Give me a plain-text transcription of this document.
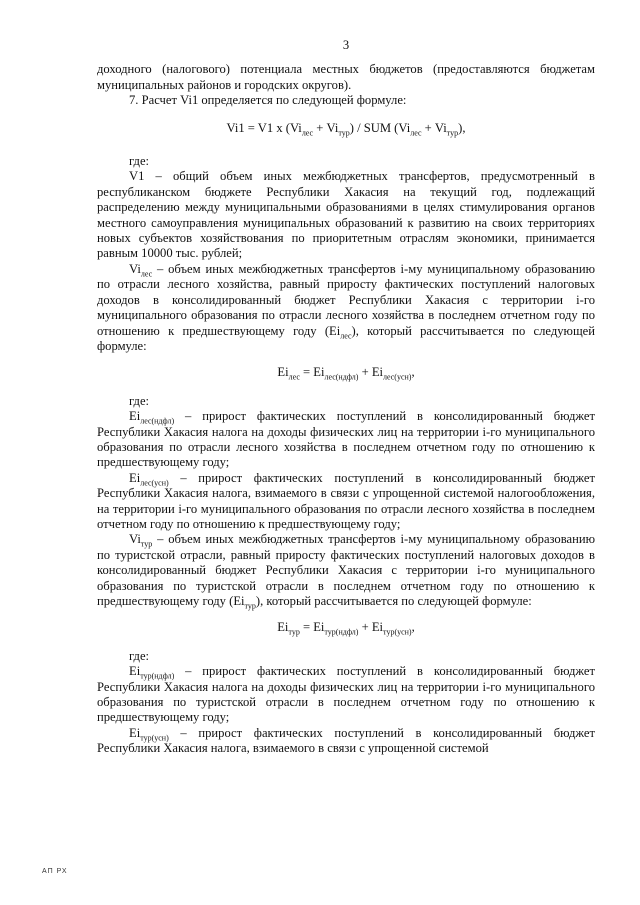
3

доходного (налогового) потенциала местных бюджетов (предоставляются бюджетам муниципальных районов и городских округов).

7. Расчет Vi1 определяется по следующей формуле:

Vi1 = V1 x $(Vi_{лес} + Vi_{тур})$ / SUM $(Vi_{лес} + Vi_{тур})$,

где:

V1 – общий объем иных межбюджетных трансфертов, предусмотренный в республиканском бюджете Республики Хакасия на текущий год, подлежащий распределению между муниципальными образованиями в целях стимулирования органов местного самоуправления муниципальных образований к развитию на своих территориях новых субъектов хозяйствования по приоритетным отраслям экономики, принимается равным 10000 тыс. рублей;

$Vi_{лес}$ – объем иных межбюджетных трансфертов i-му муниципальному образованию по отрасли лесного хозяйства, равный приросту фактических поступлений налоговых доходов в консолидированный бюджет Республики Хакасия с территории i-го муниципального образования по отрасли лесного хозяйства в последнем отчетном году по отношению к предшествующему году $(Ei_{лес})$, который рассчитывается по следующей формуле:

$Ei_{лес} = Ei_{лес(ндфл)} + Ei_{лес(усн)}$,

где:

$Ei_{лес(ндфл)}$ – прирост фактических поступлений в консолидированный бюджет Республики Хакасия налога на доходы физических лиц на территории i-го муниципального образования по отрасли лесного хозяйства в последнем отчетном году по отношению к предшествующему году;

$Ei_{лес(усн)}$ – прирост фактических поступлений в консолидированный бюджет Республики Хакасия налога, взимаемого в связи с упрощенной системой налогообложения, на территории i-го муниципального образования по отрасли лесного хозяйства в последнем отчетном году по отношению к предшествующему году;

$Vi_{тур}$ – объем иных межбюджетных трансфертов i-му муниципальному образованию по туристской отрасли, равный приросту фактических поступлений налоговых доходов в консолидированный бюджет Республики Хакасия с территории i-го муниципального образования по туристской отрасли в последнем отчетном году по отношению к предшествующему году $(Ei_{тур})$, который рассчитывается по следующей формуле:

$Ei_{тур} = Ei_{тур(ндфл)} + Ei_{тур(усн)}$,

где:

$Ei_{тур(ндфл)}$ – прирост фактических поступлений в консолидированный бюджет Республики Хакасия налога на доходы физических лиц на территории i-го муниципального образования по туристской отрасли в последнем отчетном году по отношению к предшествующему году;

$Ei_{тур(усн)}$ – прирост фактических поступлений в консолидированный бюджет Республики Хакасия налога, взимаемого в связи с упрощенной системой

АП РХ
